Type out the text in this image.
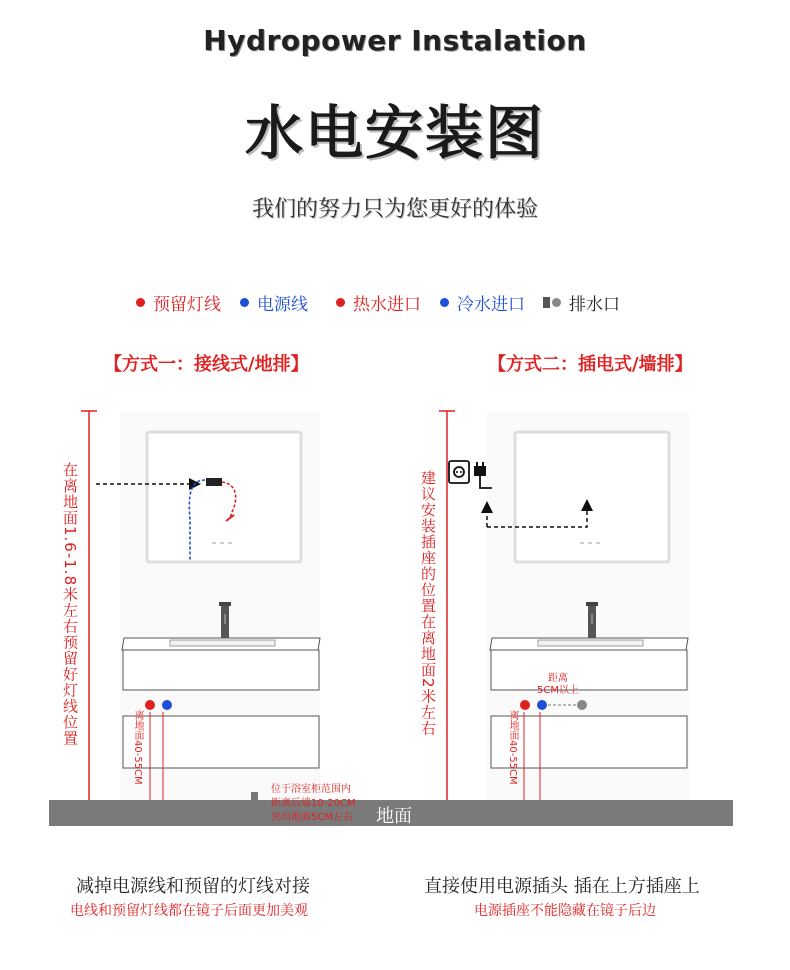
Hydropower Instalation
水电安装图
我们的努力只为您更好的体验
预留灯线 电源线	热水进口 冷水进口	排水口
【方式一：接线式/地排】	【方式二：插电式/墙排】
在离地面1.6-1.8米左右预留好灯线位置	建议安装插座的位置在离地面2米左右
离地面40-55CM	离地面40-55CM
位于浴室柜范围内
距离后墙10-20CM
突出地面5CM左右
距离
5CM以上
地面
减掉电源线和预留的灯线对接
电线和预留灯线都在镜子后面更加美观
直接使用电源插头 插在上方插座上
电源插座不能隐藏在镜子后边
